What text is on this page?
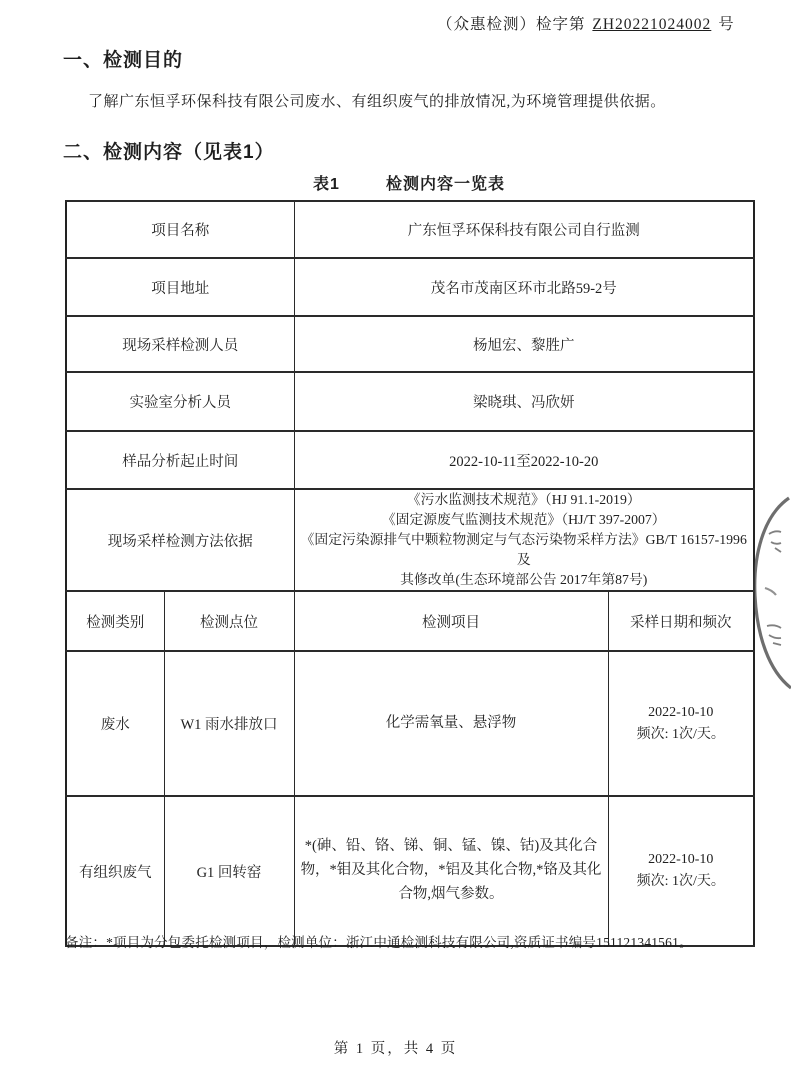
（众惠检测）检字第 ZH20221024002 号
一、检测目的

了解广东恒孚环保科技有限公司废水、有组织废气的排放情况,为环境管理提供依据。

二、检测内容（见表1）
表1	检测内容一览表
项目名称		广东恒孚环保科技有限公司自行监测	
项目地址		茂名市茂南区环市北路59-2号	
现场采样检测人员		杨旭宏、黎胜广	
实验室分析人员		梁晓琪、冯欣妍	
样品分析起止时间		2022-10-11至2022-10-20	
现场采样检测方法依据		《污水监测技术规范》（HJ 91.1-2019）
《固定源废气监测技术规范》（HJ/T 397-2007）
《固定污染源排气中颗粒物测定与气态污染物采样方法》GB/T 16157-1996及
其修改单(生态环境部公告 2017年第87号)	

检测类别	检测点位	检测项目	采样日期和频次
废水	W1 雨水排放口	化学需氧量、悬浮物	2022-10-10
频次: 1次/天。

有组织废气	G1 回转窑	*(砷、铅、铬、锑、铜、锰、镍、钴)及其化合物，*钼及其化合物，*铝及其化合物,*铬及其化合物,烟气参数。	2022-10-10
频次: 1次/天。
备注：*项目为分包委托检测项目，检测单位：浙江中通检测科技有限公司,资质证书编号151121341561。
第 1 页，共 4 页
